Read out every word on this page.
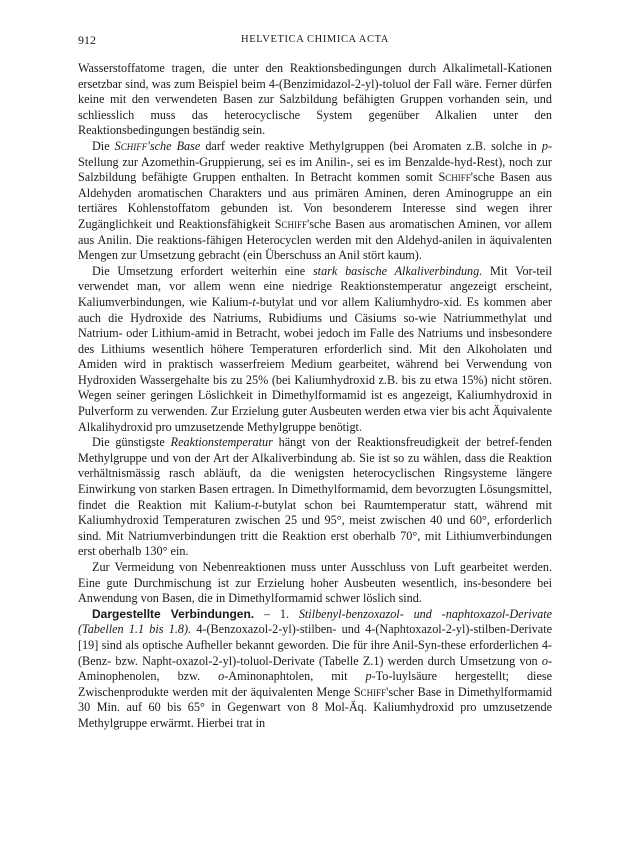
912	HELVETICA CHIMICA ACTA

Wasserstoffatome tragen, die unter den Reaktionsbedingungen durch Alkalimetall-Kationen ersetzbar sind, was zum Beispiel beim 4-(Benzimidazol-2-yl)-toluol der Fall wäre. Ferner dürfen keine mit den verwendeten Basen zur Salzbildung befähigten Gruppen vorhanden sein, und schliesslich muss das heterocyclische System gegenüber Alkalien unter den Reaktionsbedingungen beständig sein.

Die Schiff'sche Base darf weder reaktive Methylgruppen (bei Aromaten z.B. solche in p-Stellung zur Azomethin-Gruppierung, sei es im Anilin-, sei es im Benzalde-hyd-Rest), noch zur Salzbildung befähigte Gruppen enthalten. In Betracht kommen somit Schiff'sche Basen aus Aldehyden aromatischen Charakters und aus primären Aminen, deren Aminogruppe an ein tertiäres Kohlenstoffatom gebunden ist. Von besonderem Interesse sind wegen ihrer Zugänglichkeit und Reaktionsfähigkeit Schiff'sche Basen aus aromatischen Aminen, vor allem aus Anilin. Die reaktions-fähigen Heterocyclen werden mit den Aldehyd-anilen in äquivalenten Mengen zur Umsetzung gebracht (ein Überschuss an Anil stört kaum).

Die Umsetzung erfordert weiterhin eine stark basische Alkaliverbindung. Mit Vor-teil verwendet man, vor allem wenn eine niedrige Reaktionstemperatur angezeigt erscheint, Kaliumverbindungen, wie Kalium-t-butylat und vor allem Kaliumhydro-xid. Es kommen aber auch die Hydroxide des Natriums, Rubidiums und Cäsiums so-wie Natriummethylat und Natrium- oder Lithium-amid in Betracht, wobei jedoch im Falle des Natriums und insbesondere des Lithiums wesentlich höhere Temperaturen erforderlich sind. Mit den Alkoholaten und Amiden wird in praktisch wasserfreiem Medium gearbeitet, während bei Verwendung von Hydroxiden Wassergehalte bis zu 25% (bei Kaliumhydroxid z.B. bis zu etwa 15%) nicht stören. Wegen seiner geringen Löslichkeit in Dimethylformamid ist es angezeigt, Kaliumhydroxid in Pulverform zu verwenden. Zur Erzielung guter Ausbeuten werden etwa vier bis acht Äquivalente Alkalihydroxid pro umzusetzende Methylgruppe benötigt.

Die günstigste Reaktionstemperatur hängt von der Reaktionsfreudigkeit der betref-fenden Methylgruppe und von der Art der Alkaliverbindung ab. Sie ist so zu wählen, dass die Reaktion verhältnismässig rasch abläuft, da die wenigsten heterocyclischen Ringsysteme längere Einwirkung von starken Basen ertragen. In Dimethylformamid, dem bevorzugten Lösungsmittel, findet die Reaktion mit Kalium-t-butylat schon bei Raumtemperatur statt, während mit Kaliumhydroxid Temperaturen zwischen 25 und 95°, meist zwischen 40 und 60°, erforderlich sind. Mit Natriumverbindungen tritt die Reaktion erst oberhalb 70°, mit Lithiumverbindungen erst oberhalb 130° ein.

Zur Vermeidung von Nebenreaktionen muss unter Ausschluss von Luft gearbeitet werden. Eine gute Durchmischung ist zur Erzielung hoher Ausbeuten wesentlich, ins-besondere bei Anwendung von Basen, die in Dimethylformamid schwer löslich sind.

Dargestellte Verbindungen. – 1. Stilbenyl-benzoxazol- und -naphtoxazol-Derivate (Tabellen 1.1 bis 1.8). 4-(Benzoxazol-2-yl)-stilben- und 4-(Naphtoxazol-2-yl)-stilben-Derivate [19] sind als optische Aufheller bekannt geworden. Die für ihre Anil-Syn-these erforderlichen 4-(Benz- bzw. Napht-oxazol-2-yl)-toluol-Derivate (Tabelle Z.1) werden durch Umsetzung von o-Aminophenolen, bzw. o-Aminonaphtolen, mit p-To-luylsäure hergestellt; diese Zwischenprodukte werden mit der äquivalenten Menge Schiff'scher Base in Dimethylformamid 30 Min. auf 60 bis 65° in Gegenwart von 8 Mol-Äq. Kaliumhydroxid pro umzusetzende Methylgruppe erwärmt. Hierbei trat in
